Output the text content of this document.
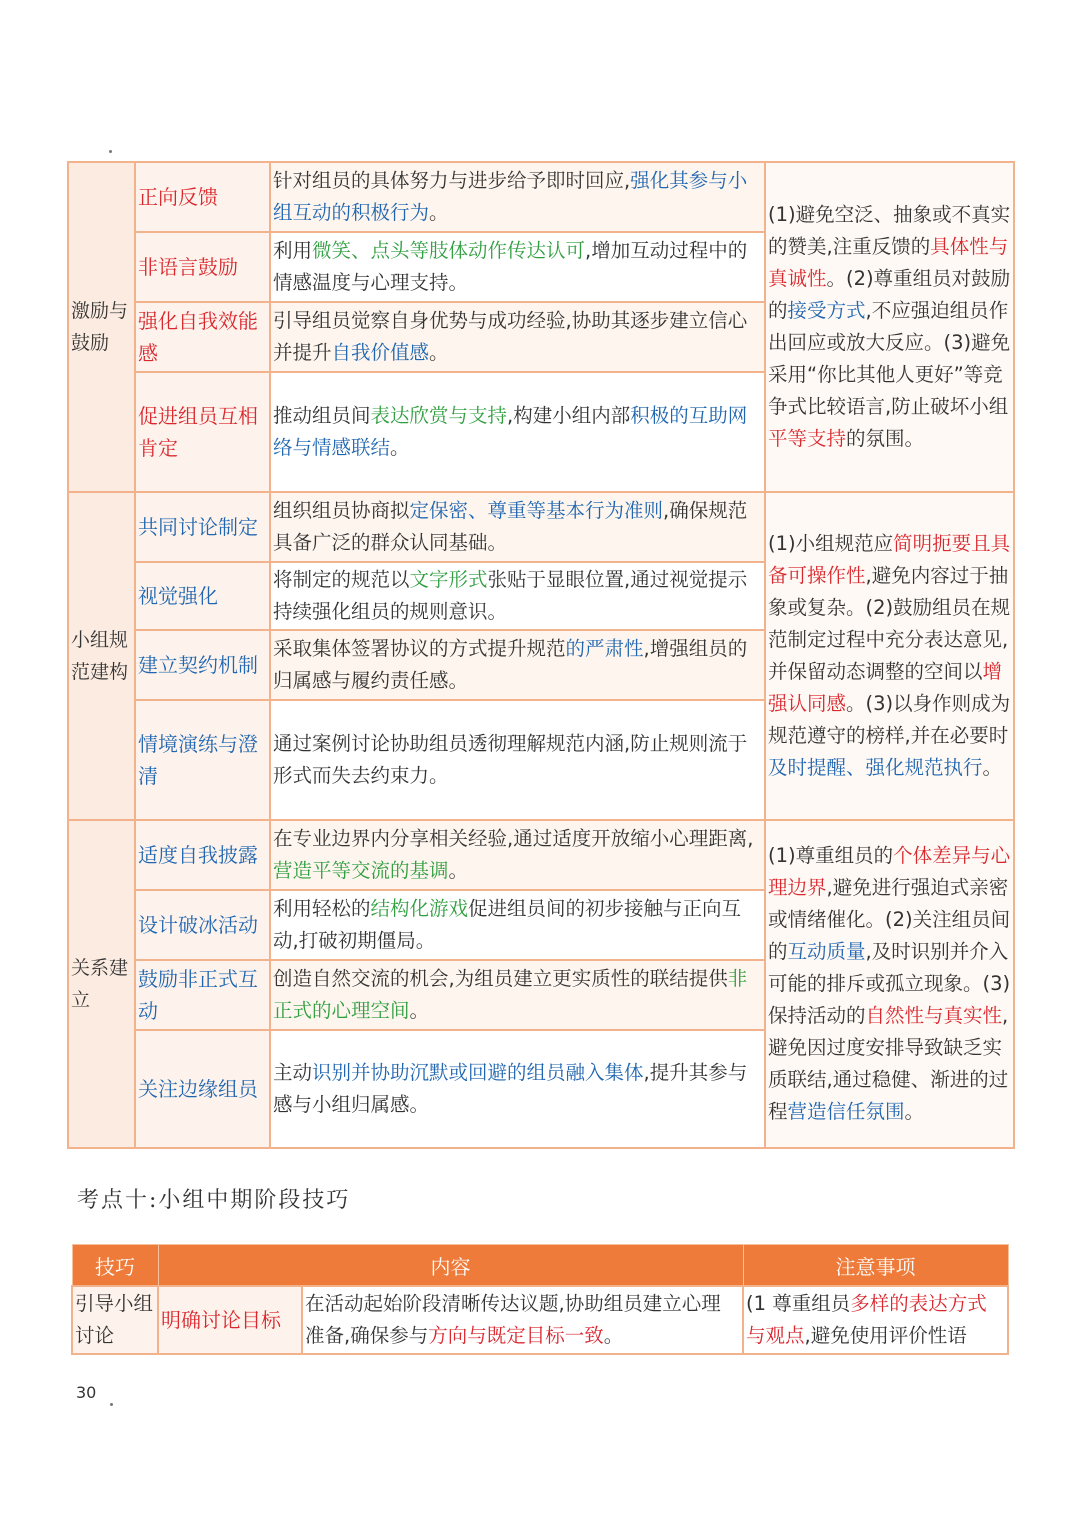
激励与鼓励	正向反馈	针对组员的具体努力与进步给予即时回应,强化其参与小组互动的积极行为。	(1)避免空泛、抽象或不真实的赞美,注重反馈的具体性与真诚性。(2)尊重组员对鼓励的接受方式,不应强迫组员作出回应或放大反应。(3)避免采用“你比其他人更好”等竞争式比较语言,防止破坏小组平等支持的氛围。
	非语言鼓励	利用微笑、点头等肢体动作传达认可,增加互动过程中的情感温度与心理支持。	
	强化自我效能感	引导组员觉察自身优势与成功经验,协助其逐步建立信心并提升自我价值感。	
	促进组员互相肯定	推动组员间表达欣赏与支持,构建小组内部积极的互助网络与情感联结。	
小组规范建构	共同讨论制定	组织组员协商拟定保密、尊重等基本行为准则,确保规范具备广泛的群众认同基础。	(1)小组规范应简明扼要且具备可操作性,避免内容过于抽象或复杂。(2)鼓励组员在规范制定过程中充分表达意见,并保留动态调整的空间以增强认同感。(3)以身作则成为规范遵守的榜样,并在必要时及时提醒、强化规范执行。
	视觉强化	将制定的规范以文字形式张贴于显眼位置,通过视觉提示持续强化组员的规则意识。	
	建立契约机制	采取集体签署协议的方式提升规范的严肃性,增强组员的归属感与履约责任感。	
	情境演练与澄清	通过案例讨论协助组员透彻理解规范内涵,防止规则流于形式而失去约束力。	
关系建立	适度自我披露	在专业边界内分享相关经验,通过适度开放缩小心理距离,营造平等交流的基调。	(1)尊重组员的个体差异与心理边界,避免进行强迫式亲密或情绪催化。(2)关注组员间的互动质量,及时识别并介入可能的排斥或孤立现象。(3)保持活动的自然性与真实性,避免因过度安排导致缺乏实质联结,通过稳健、渐进的过程营造信任氛围。
	设计破冰活动	利用轻松的结构化游戏促进组员间的初步接触与正向互动,打破初期僵局。	
	鼓励非正式互动	创造自然交流的机会,为组员建立更实质性的联结提供非正式的心理空间。	
	关注边缘组员	主动识别并协助沉默或回避的组员融入集体,提升其参与感与小组归属感。	
考点十:小组中期阶段技巧
技巧	内容		注意事项
引导小组讨论	明确讨论目标	在活动起始阶段清晰传达议题,协助组员建立心理准备,确保参与方向与既定目标一致。	(1 尊重组员多样的表达方式与观点,避免使用评价性语
30
